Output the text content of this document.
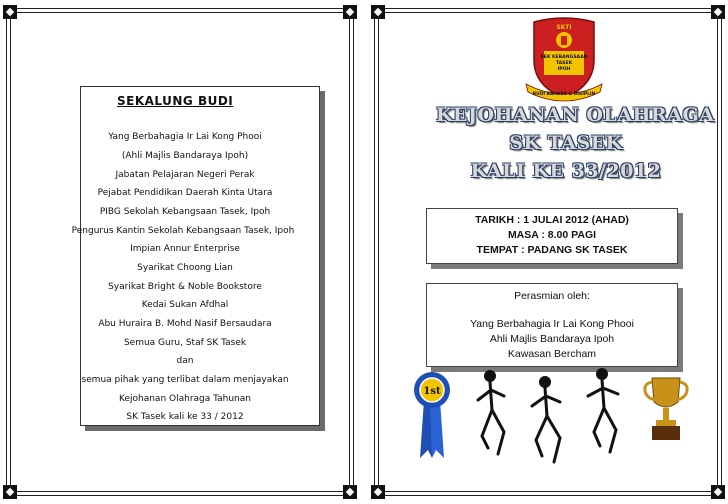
SEKALUNG BUDI
Yang Berbahagia Ir Lai Kong Phooi
(Ahli Majlis Bandaraya Ipoh)
Jabatan Pelajaran Negeri Perak
Pejabat Pendidikan Daerah Kinta Utara
PIBG Sekolah Kebangsaan Tasek, Ipoh
Pengurus Kantin Sekolah Kebangsaan Tasek, Ipoh
Impian Annur Enterprise
Syarikat Choong Lian
Syarikat Bright & Noble Bookstore
Kedai Sukan Afdhal
Abu Huraira B. Mohd Nasif Bersaudara
Semua Guru, Staf SK Tasek
dan
semua pihak yang terlibat dalam menjayakan
Kejohanan Olahraga Tahunan
SK Tasek kali ke 33 / 2012
SKTI
SEK KEBANGSAAN
TASEK
IPOH
BUDI BAHASA & DISIPLIN
KEJOHANAN OLAHRAGA
SK TASEK
KALI KE 33/2012
TARIKH : 1 JULAI 2012 (AHAD)
MASA : 8.00 PAGI
TEMPAT : PADANG SK TASEK
Perasmian oleh:
Yang Berbahagia Ir Lai Kong Phooi
Ahli Majlis Bandaraya Ipoh
Kawasan Bercham
1st
